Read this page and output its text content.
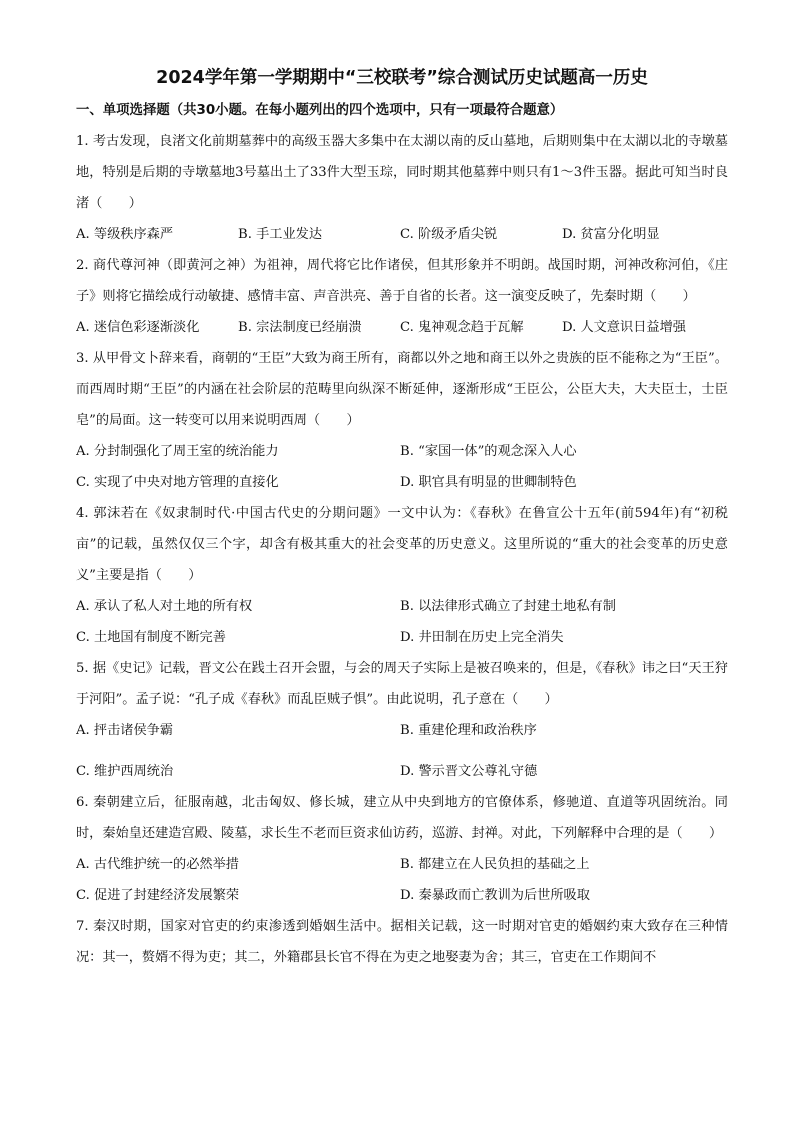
2024学年第一学期期中“三校联考”综合测试历史试题高一历史
一、单项选择题（共30小题。在每小题列出的四个选项中，只有一项最符合题意）

1. 考古发现，良渚文化前期墓葬中的高级玉器大多集中在太湖以南的反山墓地，后期则集中在太湖以北的寺墩墓地，特别是后期的寺墩墓地3号墓出土了33件大型玉琮，同时期其他墓葬中则只有1～3件玉器。据此可知当时良渚（　　）

A. 等级秩序森严	B. 手工业发达	C. 阶级矛盾尖锐	D. 贫富分化明显

2. 商代尊河神（即黄河之神）为祖神，周代将它比作诸侯，但其形象并不明朗。战国时期，河神改称河伯，《庄子》则将它描绘成行动敏捷、感情丰富、声音洪亮、善于自省的长者。这一演变反映了，先秦时期（　　）

A. 迷信色彩逐渐淡化	B. 宗法制度已经崩溃	C. 鬼神观念趋于瓦解	D. 人文意识日益增强

3. 从甲骨文卜辞来看，商朝的“王臣”大致为商王所有，商都以外之地和商王以外之贵族的臣不能称之为“王臣”。而西周时期“王臣”的内涵在社会阶层的范畴里向纵深不断延伸，逐渐形成“王臣公，公臣大夫，大夫臣士，士臣皂”的局面。这一转变可以用来说明西周（　　）

A. 分封制强化了周王室的统治能力	B. “家国一体”的观念深入人心
C. 实现了中央对地方管理的直接化	D. 职官具有明显的世卿制特色

4. 郭沫若在《奴隶制时代·中国古代史的分期问题》一文中认为：《春秋》在鲁宣公十五年(前594年)有“初税亩”的记载，虽然仅仅三个字，却含有极其重大的社会变革的历史意义。这里所说的“重大的社会变革的历史意义”主要是指（　　）

A. 承认了私人对土地的所有权	B. 以法律形式确立了封建土地私有制
C. 土地国有制度不断完善	D. 井田制在历史上完全消失

5. 据《史记》记载，晋文公在践土召开会盟，与会的周天子实际上是被召唤来的，但是，《春秋》讳之曰“天王狩于河阳”。孟子说：“孔子成《春秋》而乱臣贼子惧”。由此说明，孔子意在（　　）

A. 抨击诸侯争霸	B. 重建伦理和政治秩序
C. 维护西周统治	D. 警示晋文公尊礼守德

6. 秦朝建立后，征服南越，北击匈奴、修长城，建立从中央到地方的官僚体系，修驰道、直道等巩固统治。同时，秦始皇还建造宫殿、陵墓，求长生不老而巨资求仙访药，巡游、封禅。对此，下列解释中合理的是（　　）

A. 古代维护统一的必然举措	B. 都建立在人民负担的基础之上
C. 促进了封建经济发展繁荣	D. 秦暴政而亡教训为后世所吸取

7. 秦汉时期，国家对官吏的约束渗透到婚姻生活中。据相关记载，这一时期对官吏的婚姻约束大致存在三种情况：其一，赘婿不得为吏；其二，外籍郡县长官不得在为吏之地娶妻为舍；其三，官吏在工作期间不
